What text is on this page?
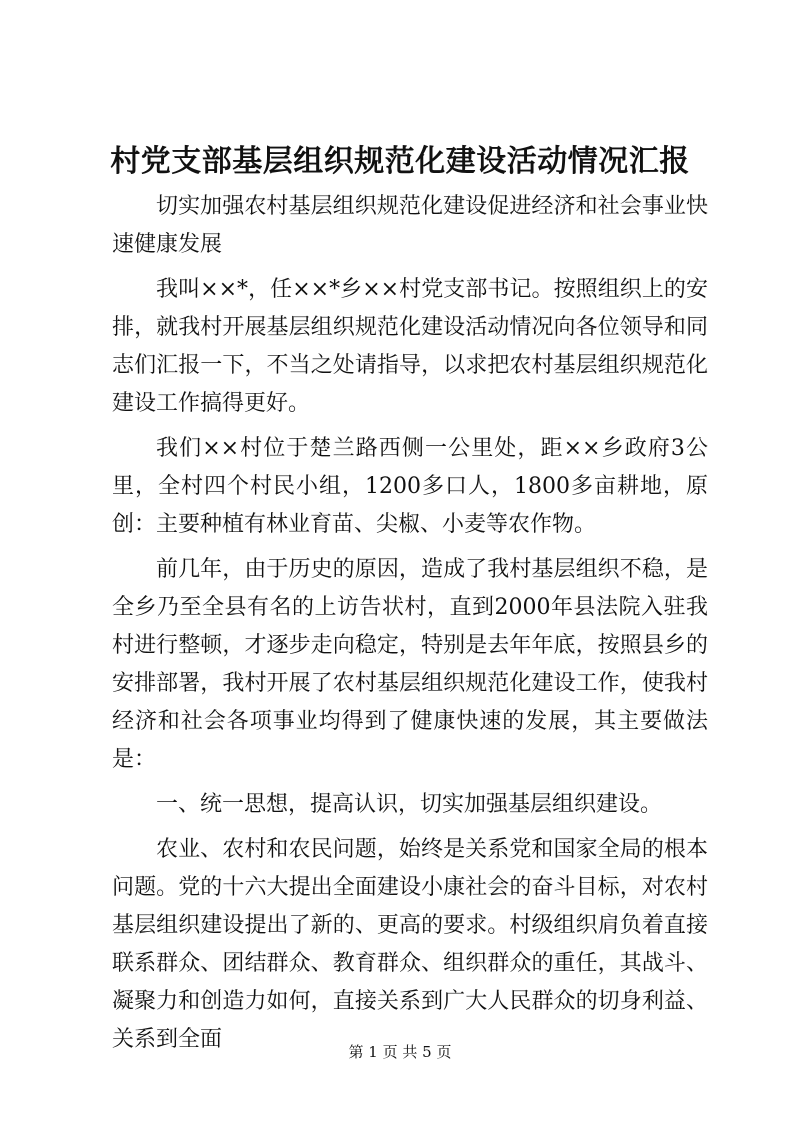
村党支部基层组织规范化建设活动情况汇报

切实加强农村基层组织规范化建设促进经济和社会事业快速健康发展

我叫××*，任××*乡××村党支部书记。按照组织上的安排，就我村开展基层组织规范化建设活动情况向各位领导和同志们汇报一下，不当之处请指导，以求把农村基层组织规范化建设工作搞得更好。

我们××村位于楚兰路西侧一公里处，距××乡政府3公里，全村四个村民小组，1200多口人，1800多亩耕地，原创：主要种植有林业育苗、尖椒、小麦等农作物。

前几年，由于历史的原因，造成了我村基层组织不稳，是全乡乃至全县有名的上访告状村，直到2000年县法院入驻我村进行整顿，才逐步走向稳定，特别是去年年底，按照县乡的安排部署，我村开展了农村基层组织规范化建设工作，使我村经济和社会各项事业均得到了健康快速的发展，其主要做法是：

一、统一思想，提高认识，切实加强基层组织建设。

农业、农村和农民问题，始终是关系党和国家全局的根本问题。党的十六大提出全面建设小康社会的奋斗目标，对农村基层组织建设提出了新的、更高的要求。村级组织肩负着直接联系群众、团结群众、教育群众、组织群众的重任，其战斗、凝聚力和创造力如何，直接关系到广大人民群众的切身利益、关系到全面	第 1 页 共 5 页
